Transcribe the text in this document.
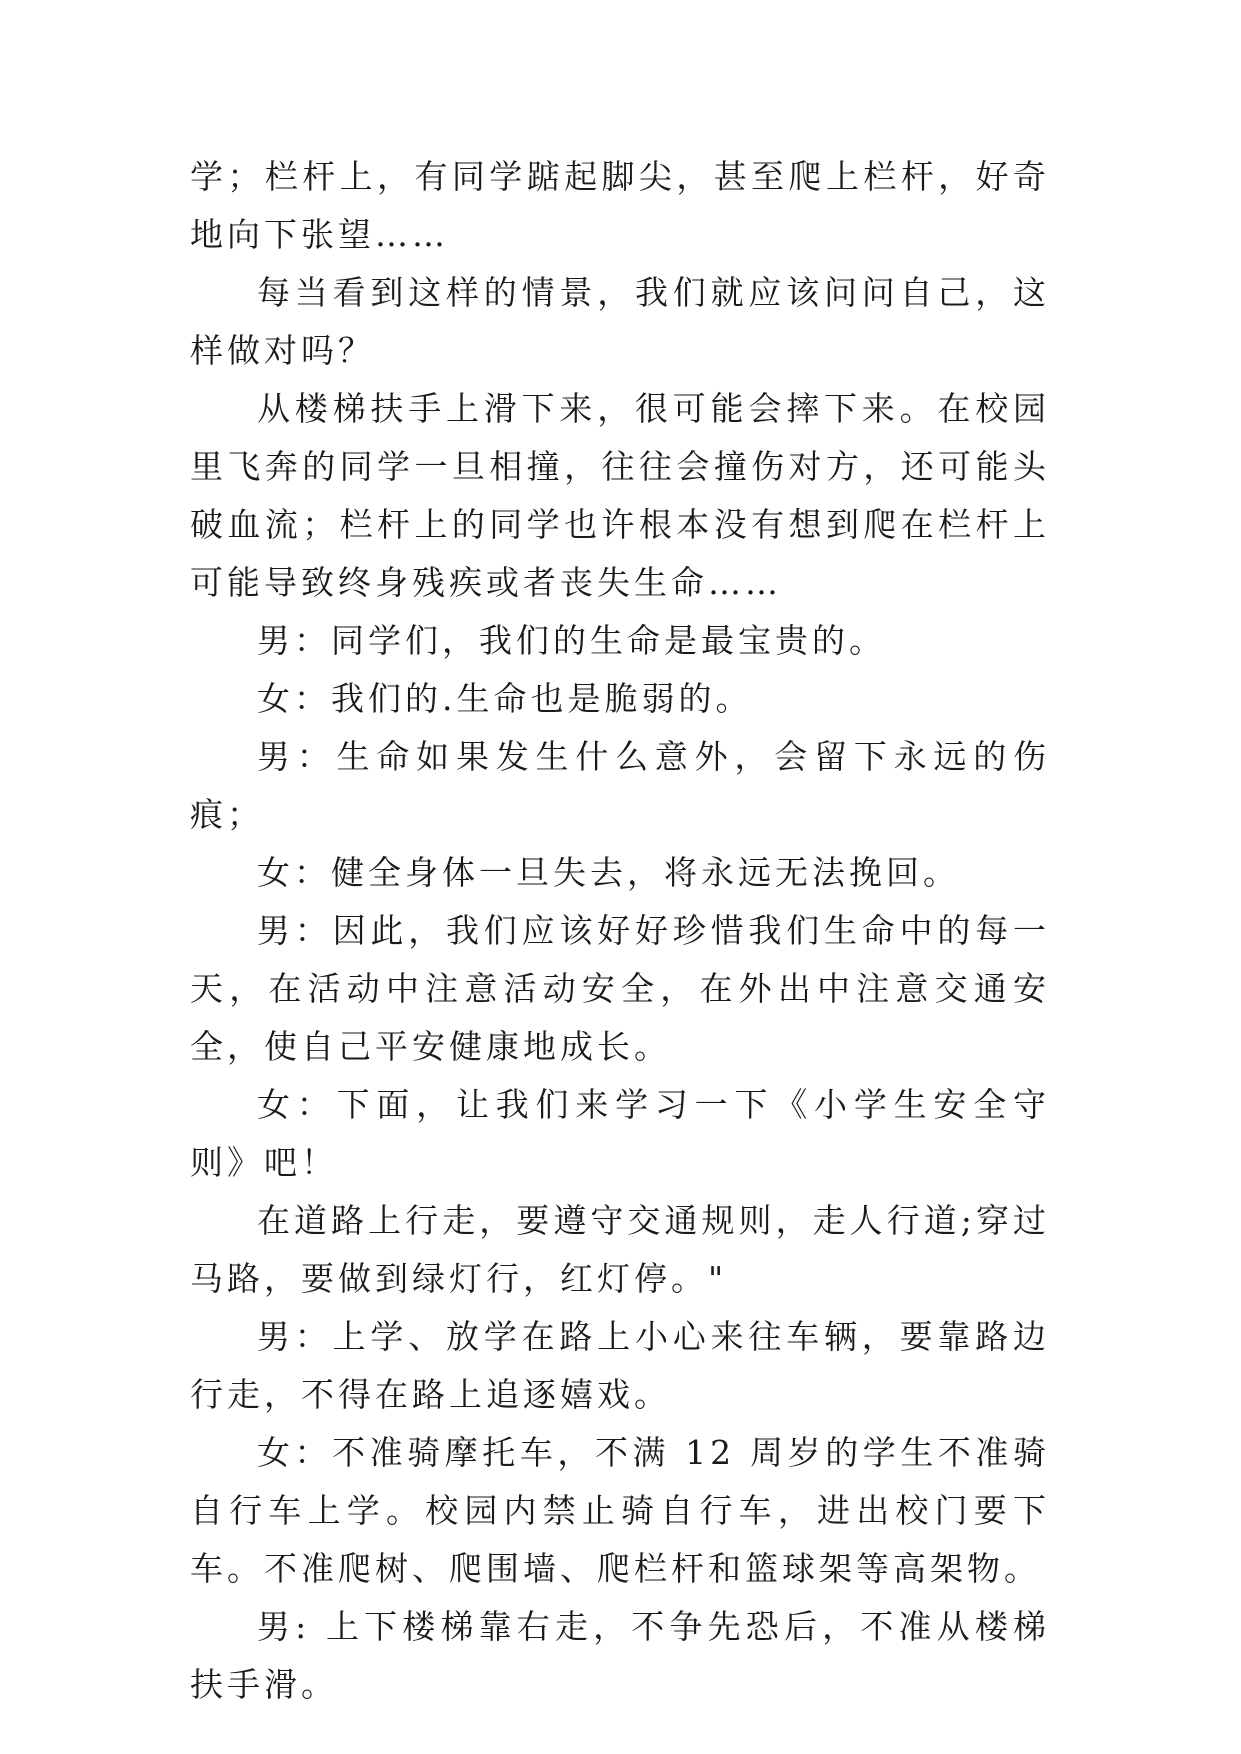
学；栏杆上，有同学踮起脚尖，甚至爬上栏杆，好奇地向下张望……

每当看到这样的情景，我们就应该问问自己，这样做对吗？

从楼梯扶手上滑下来，很可能会摔下来。在校园里飞奔的同学一旦相撞，往往会撞伤对方，还可能头破血流；栏杆上的同学也许根本没有想到爬在栏杆上可能导致终身残疾或者丧失生命……

男：同学们，我们的生命是最宝贵的。

女：我们的.生命也是脆弱的。

男：生命如果发生什么意外，会留下永远的伤痕；

女：健全身体一旦失去，将永远无法挽回。

男：因此，我们应该好好珍惜我们生命中的每一天，在活动中注意活动安全，在外出中注意交通安全，使自己平安健康地成长。

女：下面，让我们来学习一下《小学生安全守则》吧！

在道路上行走，要遵守交通规则，走人行道;穿过马路，要做到绿灯行，红灯停。"

男：上学、放学在路上小心来往车辆，要靠路边行走，不得在路上追逐嬉戏。

女：不准骑摩托车，不满 12 周岁的学生不准骑自行车上学。校园内禁止骑自行车，进出校门要下车。不准爬树、爬围墙、爬栏杆和篮球架等高架物。

男: 上下楼梯靠右走，不争先恐后，不准从楼梯扶手滑。
